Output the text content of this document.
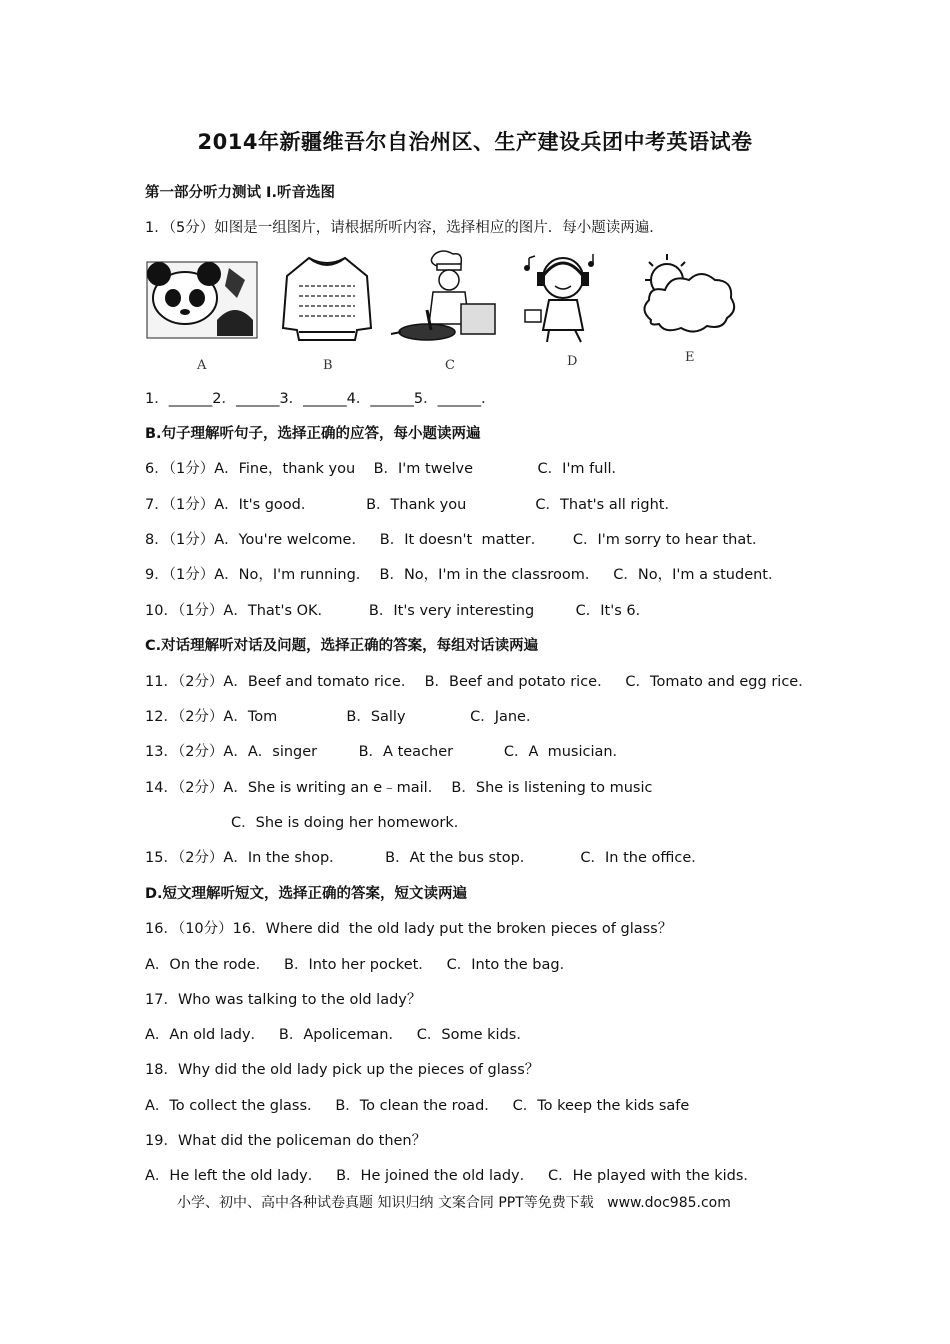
2014年新疆维吾尔自治州区、生产建设兵团中考英语试卷
第一部分听力测试 I.听音选图
1．（5分）如图是一组图片，请根据所听内容，选择相应的图片．每小题读两遍．
A	B	C	D	E
1．______2．______3．______4．______5．______．
B.句子理解听句子，选择正确的应答，每小题读两遍
6．（1分）A．Fine，thank you    B．I'm twelve              C．I'm full．
7．（1分）A．It's good．           B．Thank you               C．That's all right．
8．（1分）A．You're welcome．   B．It doesn't  matter．      C．I'm sorry to hear that．
9．（1分）A．No，I'm running．  B．No，I'm in the classroom．   C．No，I'm a student．
10．（1分）A．That's OK．        B．It's very interesting         C．It's 6．
C.对话理解听对话及问题，选择正确的答案，每组对话读两遍
11．（2分）A．Beef and tomato rice．  B．Beef and potato rice．   C．Tomato and egg rice．
12．（2分）A．Tom               B．Sally              C．Jane．
13．（2分）A．A．singer         B．A teacher           C．A  musician．
14．（2分）A．She is writing an e﹣mail．  B．She is listening to music
C．She is doing her homework．
15．（2分）A．In the shop．         B．At the bus stop．          C．In the office．
D.短文理解听短文，选择正确的答案，短文读两遍
16．（10分）16．Where did  the old lady put the broken pieces of glass？
A．On the rode．   B．Into her pocket．   C．Into the bag．
17．Who was talking to the old lady？
A．An old lady．   B．Apoliceman．   C．Some kids．
18．Why did the old lady pick up the pieces of glass？
A．To collect the glass．   B．To clean the road．   C．To keep the kids safe
19．What did the policeman do then？
A．He left the old lady．   B．He joined the old lady．   C．He played with the kids．
小学、初中、高中各种试卷真题 知识归纳 文案合同 PPT等免费下载   www.doc985.com
